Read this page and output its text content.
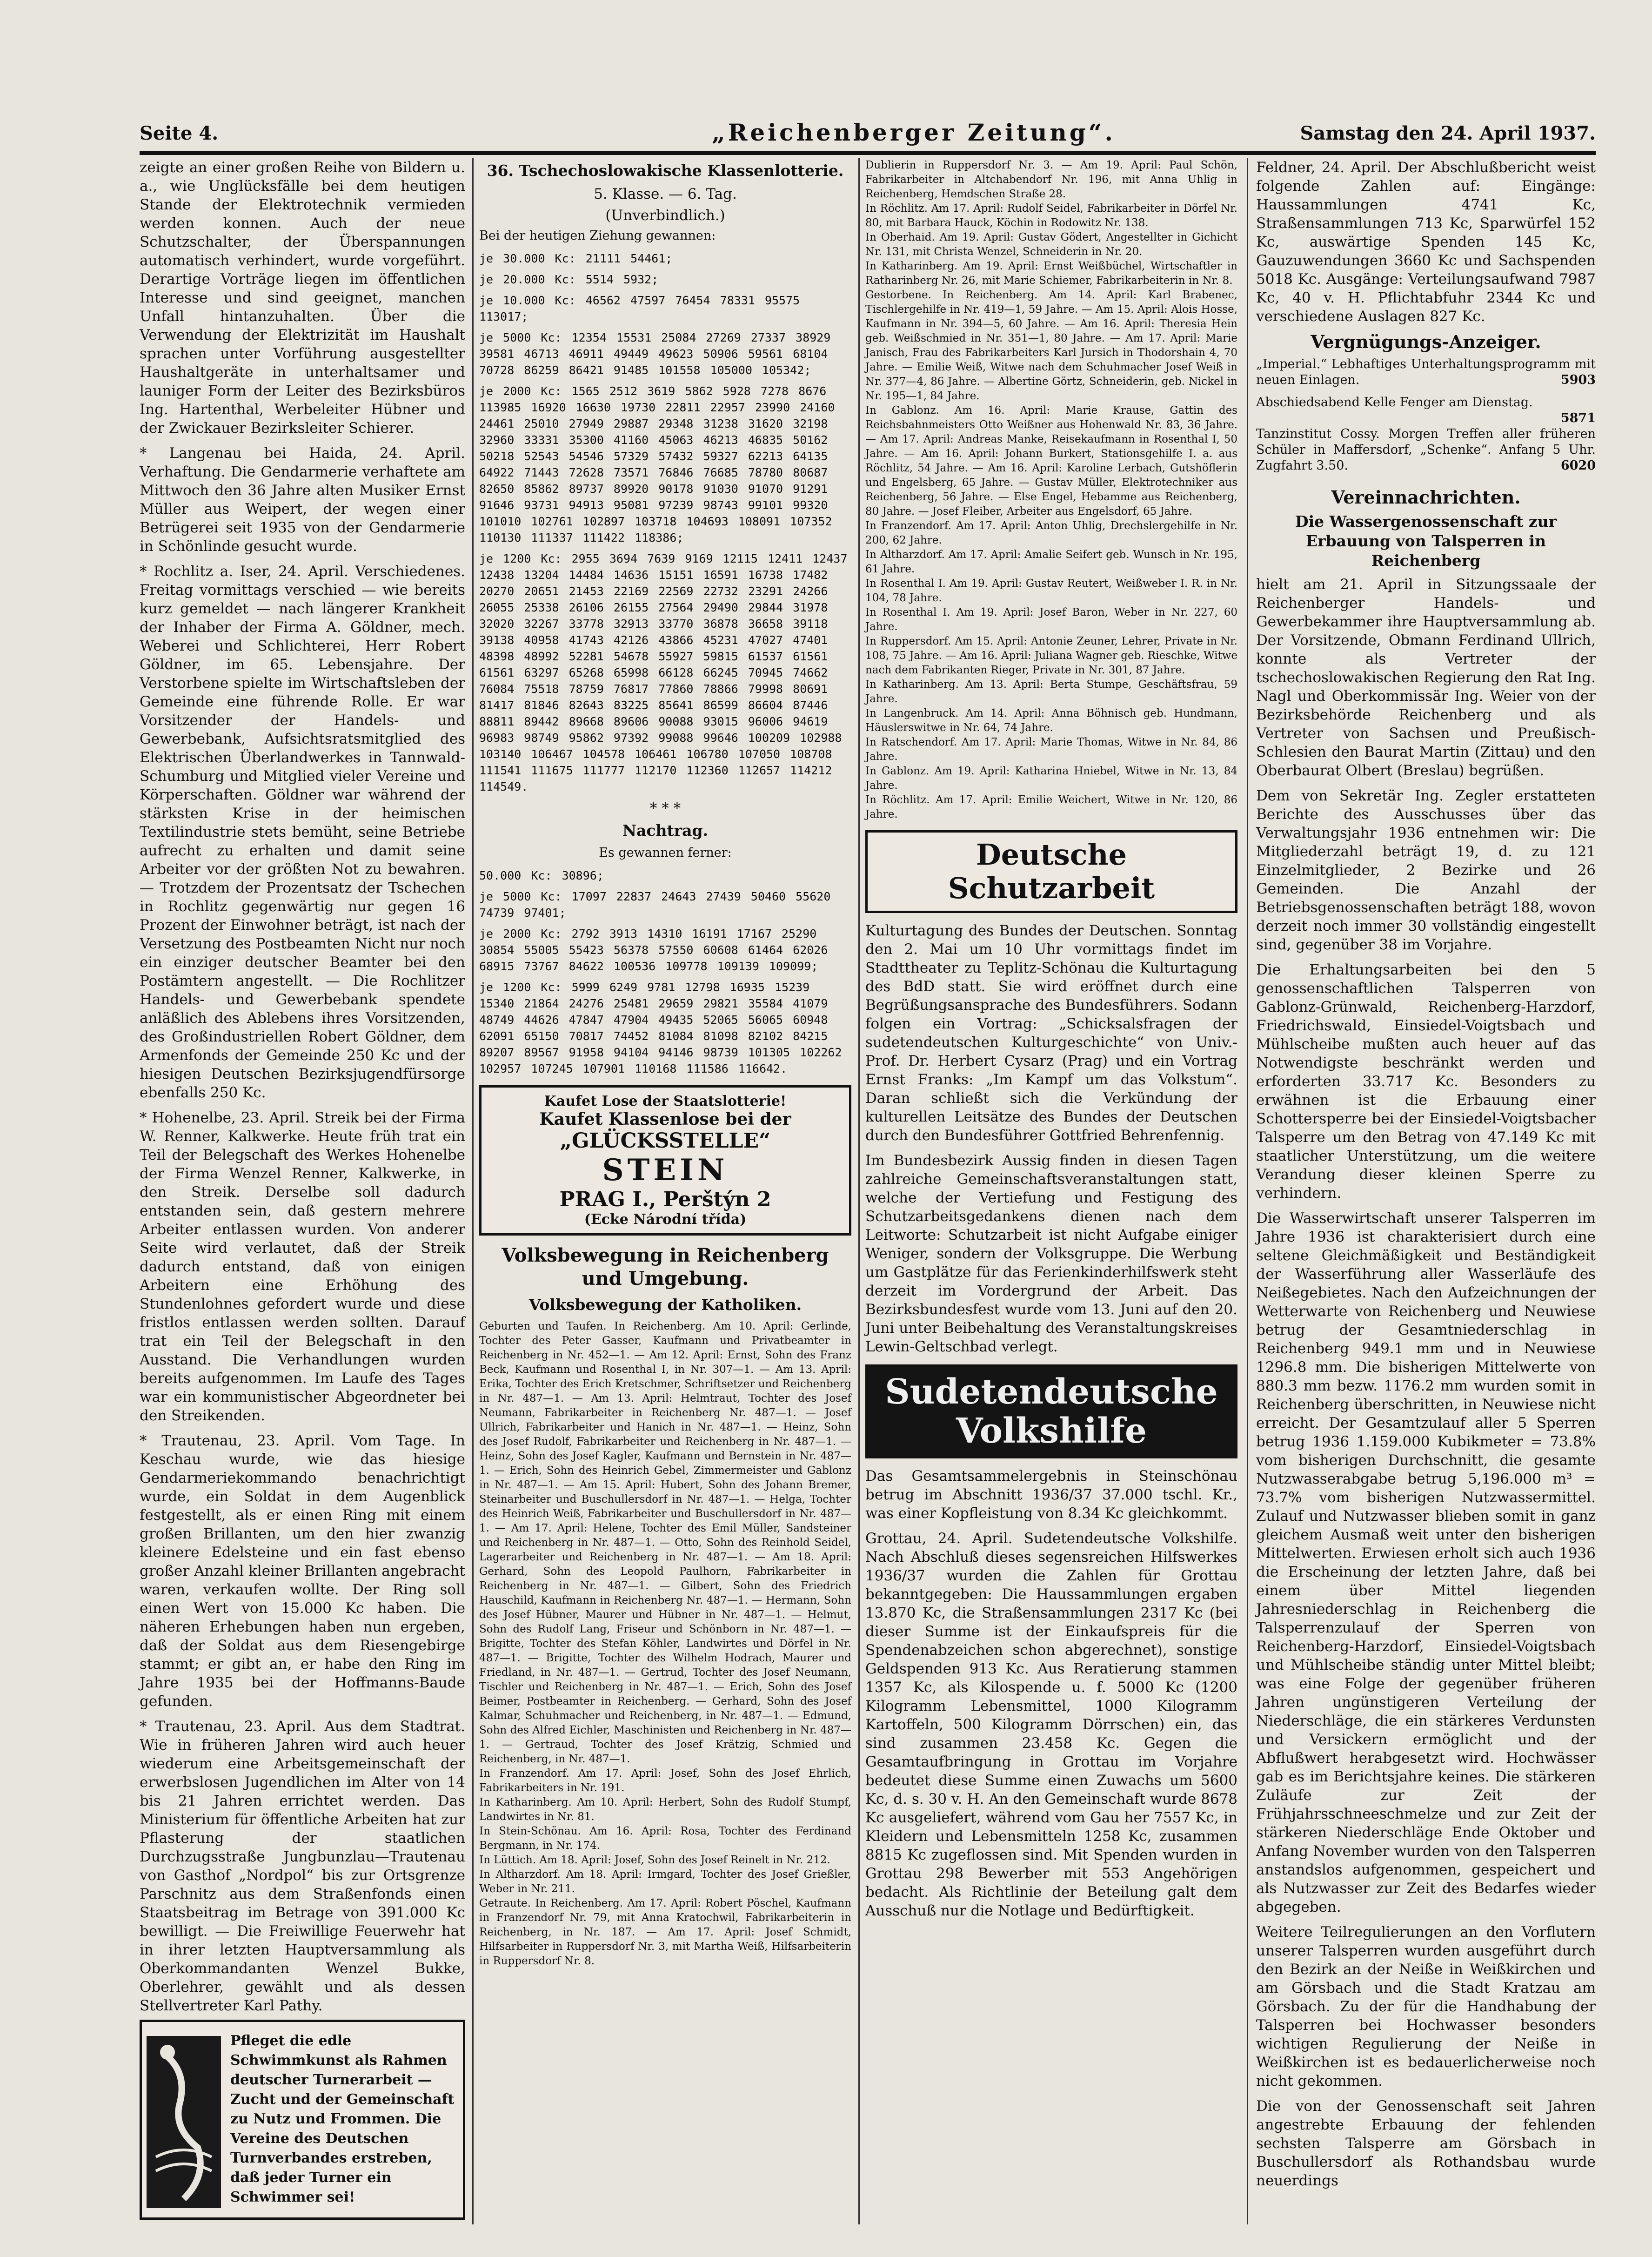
Seite 4.	„Reichenberger Zeitung“.	Samstag den 24. April 1937.

zeigte an einer großen Reihe von Bildern u. a., wie Unglücksfälle bei dem heutigen Stande der Elektrotechnik vermieden werden konnen. Auch der neue Schutzschalter, der Überspannungen automatisch verhindert, wurde vorgeführt. Derartige Vorträge liegen im öffentlichen Interesse und sind geeignet, manchen Unfall hintanzuhalten. Über die Verwendung der Elektrizität im Haushalt sprachen unter Vorführung ausgestellter Haushaltgeräte in unterhaltsamer und launiger Form der Leiter des Bezirksbüros Ing. Hartenthal, Werbeleiter Hübner und der Zwickauer Bezirksleiter Schierer.

* Langenau bei Haida, 24. April. Verhaftung. Die Gendarmerie verhaftete am Mittwoch den 36 Jahre alten Musiker Ernst Müller aus Weipert, der wegen einer Betrügerei seit 1935 von der Gendarmerie in Schönlinde gesucht wurde.

* Rochlitz a. Iser, 24. April. Verschiedenes. Freitag vormittags verschied — wie bereits kurz gemeldet — nach längerer Krankheit der Inhaber der Firma A. Göldner, mech. Weberei und Schlichterei, Herr Robert Göldner, im 65. Lebensjahre. Der Verstorbene spielte im Wirtschaftsleben der Gemeinde eine führende Rolle. Er war Vorsitzender der Handels- und Gewerbebank, Aufsichtsratsmitglied des Elektrischen Überlandwerkes in Tannwald-Schumburg und Mitglied vieler Vereine und Körperschaften. Göldner war während der stärksten Krise in der heimischen Textilindustrie stets bemüht, seine Betriebe aufrecht zu erhalten und damit seine Arbeiter vor der größten Not zu bewahren. — Trotzdem der Prozentsatz der Tschechen in Rochlitz gegenwärtig nur gegen 16 Prozent der Einwohner beträgt, ist nach der Versetzung des Postbeamten Nicht nur noch ein einziger deutscher Beamter bei den Postämtern angestellt. — Die Rochlitzer Handels- und Gewerbebank spendete anläßlich des Ablebens ihres Vorsitzenden, des Großindustriellen Robert Göldner, dem Armenfonds der Gemeinde 250 Kc und der hiesigen Deutschen Bezirksjugendfürsorge ebenfalls 250 Kc.

* Hohenelbe, 23. April. Streik bei der Firma W. Renner, Kalkwerke. Heute früh trat ein Teil der Belegschaft des Werkes Hohenelbe der Firma Wenzel Renner, Kalkwerke, in den Streik. Derselbe soll dadurch entstanden sein, daß gestern mehrere Arbeiter entlassen wurden. Von anderer Seite wird verlautet, daß der Streik dadurch entstand, daß von einigen Arbeitern eine Erhöhung des Stundenlohnes gefordert wurde und diese fristlos entlassen werden sollten. Darauf trat ein Teil der Belegschaft in den Ausstand. Die Verhandlungen wurden bereits aufgenommen. Im Laufe des Tages war ein kommunistischer Abgeordneter bei den Streikenden.

* Trautenau, 23. April. Vom Tage. In Keschau wurde, wie das hiesige Gendarmeriekommando benachrichtigt wurde, ein Soldat in dem Augenblick festgestellt, als er einen Ring mit einem großen Brillanten, um den hier zwanzig kleinere Edelsteine und ein fast ebenso großer Anzahl kleiner Brillanten angebracht waren, verkaufen wollte. Der Ring soll einen Wert von 15.000 Kc haben. Die näheren Erhebungen haben nun ergeben, daß der Soldat aus dem Riesengebirge stammt; er gibt an, er habe den Ring im Jahre 1935 bei der Hoffmanns-Baude gefunden.

* Trautenau, 23. April. Aus dem Stadtrat. Wie in früheren Jahren wird auch heuer wiederum eine Arbeitsgemeinschaft der erwerbslosen Jugendlichen im Alter von 14 bis 21 Jahren errichtet werden. Das Ministerium für öffentliche Arbeiten hat zur Pflasterung der staatlichen Durchzugsstraße Jungbunzlau—Trautenau von Gasthof „Nordpol“ bis zur Ortsgrenze Parschnitz aus dem Straßenfonds einen Staatsbeitrag im Betrage von 391.000 Kc bewilligt. — Die Freiwillige Feuerwehr hat in ihrer letzten Hauptversammlung als Oberkommandanten Wenzel Bukke, Oberlehrer, gewählt und als dessen Stellvertreter Karl Pathy.

Pfleget die edle Schwimmkunst als Rahmen deutscher Turnerarbeit — Zucht und der Gemeinschaft zu Nutz und Frommen. Die Vereine des Deutschen Turnverbandes erstreben, daß jeder Turner ein Schwimmer sei!
36. Tschechoslowakische Klassenlotterie.
5. Klasse. — 6. Tag.
(Unverbindlich.)

Bei der heutigen Ziehung gewannen:

je 30.000 Kc: 21111 54461;

je 20.000 Kc: 5514 5932;

je 10.000 Kc: 46562 47597 76454 78331 95575 113017;

je 5000 Kc: 12354 15531 25084 27269 27337 38929 39581 46713 46911 49449 49623 50906 59561 68104 70728 86259 86421 91485 101558 105000 105342;

je 2000 Kc: 1565 2512 3619 5862 5928 7278 8676 113985 16920 16630 19730 22811 22957 23990 24160 24461 25010 27949 29887 29348 31238 31620 32198 32960 33331 35300 41160 45063 46213 46835 50162 50218 52543 54546 57329 57432 59327 62213 64135 64922 71443 72628 73571 76846 76685 78780 80687 82650 85862 89737 89920 90178 91030 91070 91291 91646 93731 94913 95081 97239 98743 99101 99320 101010 102761 102897 103718 104693 108091 107352 110130 111337 111422 118386;

je 1200 Kc: 2955 3694 7639 9169 12115 12411 12437 12438 13204 14484 14636 15151 16591 16738 17482 20270 20651 21453 22169 22569 22732 23291 24266 26055 25338 26106 26155 27564 29490 29844 31978 32020 32267 33778 32913 33770 36878 36658 39118 39138 40958 41743 42126 43866 45231 47027 47401 48398 48992 52281 54678 55927 59815 61537 61561 61561 63297 65268 65998 66128 66245 70945 74662 76084 75518 78759 76817 77860 78866 79998 80691 81417 81846 82643 83225 85641 86599 86604 87446 88811 89442 89668 89606 90088 93015 96006 94619 96983 98749 95862 97392 99088 99646 100209 102988 103140 106467 104578 106461 106780 107050 108708 111541 111675 111777 112170 112360 112657 114212 114549.

* * *
Nachtrag.

Es gewannen ferner:

50.000 Kc: 30896;

je 5000 Kc: 17097 22837 24643 27439 50460 55620 74739 97401;

je 2000 Kc: 2792 3913 14310 16191 17167 25290 30854 55005 55423 56378 57550 60608 61464 62026 68915 73767 84622 100536 109778 109139 109099;

je 1200 Kc: 5999 6249 9781 12798 16935 15239 15340 21864 24276 25481 29659 29821 35584 41079 48749 44626 47847 47904 49435 52065 56065 60948 62091 65150 70817 74452 81084 81098 82102 84215 89207 89567 91958 94104 94146 98739 101305 102262 102957 107245 107901 110168 111586 116642.

Kaufet Lose der Staatslotterie!
Kaufet Klassenlose bei der
„GLÜCKSSTELLE“
STEIN
PRAG I., Perštýn 2
(Ecke Národní třída)
Volksbewegung in Reichenberg und Umgebung.
Volksbewegung der Katholiken.

Geburten und Taufen. In Reichenberg. Am 10. April: Gerlinde, Tochter des Peter Gasser, Kaufmann und Privatbeamter in Reichenberg in Nr. 452—1. — Am 12. April: Ernst, Sohn des Franz Beck, Kaufmann und Rosenthal I, in Nr. 307—1. — Am 13. April: Erika, Tochter des Erich Kretschmer, Schriftsetzer und Reichenberg in Nr. 487—1. — Am 13. April: Helmtraut, Tochter des Josef Neumann, Fabrikarbeiter in Reichenberg Nr. 487—1. — Josef Ullrich, Fabrikarbeiter und Hanich in Nr. 487—1. — Heinz, Sohn des Josef Rudolf, Fabrikarbeiter und Reichenberg in Nr. 487—1. — Heinz, Sohn des Josef Kagler, Kaufmann und Bernstein in Nr. 487—1. — Erich, Sohn des Heinrich Gebel, Zimmermeister und Gablonz in Nr. 487—1. — Am 15. April: Hubert, Sohn des Johann Bremer, Steinarbeiter und Buschullersdorf in Nr. 487—1. — Helga, Tochter des Heinrich Weiß, Fabrikarbeiter und Buschullersdorf in Nr. 487—1. — Am 17. April: Helene, Tochter des Emil Müller, Sandsteiner und Reichenberg in Nr. 487—1. — Otto, Sohn des Reinhold Seidel, Lagerarbeiter und Reichenberg in Nr. 487—1. — Am 18. April: Gerhard, Sohn des Leopold Paulhorn, Fabrikarbeiter in Reichenberg in Nr. 487—1. — Gilbert, Sohn des Friedrich Hauschild, Kaufmann in Reichenberg Nr. 487—1. — Hermann, Sohn des Josef Hübner, Maurer und Hübner in Nr. 487—1. — Helmut, Sohn des Rudolf Lang, Friseur und Schönborn in Nr. 487—1. — Brigitte, Tochter des Stefan Köhler, Landwirtes und Dörfel in Nr. 487—1. — Brigitte, Tochter des Wilhelm Hodrach, Maurer und Friedland, in Nr. 487—1. — Gertrud, Tochter des Josef Neumann, Tischler und Reichenberg in Nr. 487—1. — Erich, Sohn des Josef Beimer, Postbeamter in Reichenberg. — Gerhard, Sohn des Josef Kalmar, Schuhmacher und Reichenberg, in Nr. 487—1. — Edmund, Sohn des Alfred Eichler, Maschinisten und Reichenberg in Nr. 487—1. — Gertraud, Tochter des Josef Krätzig, Schmied und Reichenberg, in Nr. 487—1.
In Franzendorf. Am 17. April: Josef, Sohn des Josef Ehrlich, Fabrikarbeiters in Nr. 191.
In Katharinberg. Am 10. April: Herbert, Sohn des Rudolf Stumpf, Landwirtes in Nr. 81.
In Stein-Schönau. Am 16. April: Rosa, Tochter des Ferdinand Bergmann, in Nr. 174.
In Lüttich. Am 18. April: Josef, Sohn des Josef Reinelt in Nr. 212.
In Altharzdorf. Am 18. April: Irmgard, Tochter des Josef Grießler, Weber in Nr. 211.
Getraute. In Reichenberg. Am 17. April: Robert Pöschel, Kaufmann in Franzendorf Nr. 79, mit Anna Kratochwil, Fabrikarbeiterin in Reichenberg, in Nr. 187. — Am 17. April: Josef Schmidt, Hilfsarbeiter in Ruppersdorf Nr. 3, mit Martha Weiß, Hilfsarbeiterin in Ruppersdorf Nr. 8.

Dublierin in Ruppersdorf Nr. 3. — Am 19. April: Paul Schön, Fabrikarbeiter in Altchabendorf Nr. 196, mit Anna Uhlig in Reichenberg, Hemdschen Straße 28.
In Röchlitz. Am 17. April: Rudolf Seidel, Fabrikarbeiter in Dörfel Nr. 80, mit Barbara Hauck, Köchin in Rodowitz Nr. 138.
In Oberhaid. Am 19. April: Gustav Gödert, Angestellter in Gichicht Nr. 131, mit Christa Wenzel, Schneiderin in Nr. 20.
In Katharinberg. Am 19. April: Ernst Weißbüchel, Wirtschaftler in Ratharinberg Nr. 26, mit Marie Schiemer, Fabrikarbeiterin in Nr. 8.
Gestorbene. In Reichenberg. Am 14. April: Karl Brabenec, Tischlergehilfe in Nr. 419—1, 59 Jahre. — Am 15. April: Alois Hosse, Kaufmann in Nr. 394—5, 60 Jahre. — Am 16. April: Theresia Hein geb. Weißschmied in Nr. 351—1, 80 Jahre. — Am 17. April: Marie Janisch, Frau des Fabrikarbeiters Karl Jursich in Thodorshain 4, 70 Jahre. — Emilie Weiß, Witwe nach dem Schuhmacher Josef Weiß in Nr. 377—4, 86 Jahre. — Albertine Görtz, Schneiderin, geb. Nickel in Nr. 195—1, 84 Jahre.
In Gablonz. Am 16. April: Marie Krause, Gattin des Reichsbahnmeisters Otto Weißner aus Hohenwald Nr. 83, 36 Jahre. — Am 17. April: Andreas Manke, Reisekaufmann in Rosenthal I, 50 Jahre. — Am 16. April: Johann Burkert, Stationsgehilfe I. a. aus Röchlitz, 54 Jahre. — Am 16. April: Karoline Lerbach, Gutshöflerin und Engelsberg, 65 Jahre. — Gustav Müller, Elektrotechniker aus Reichenberg, 56 Jahre. — Else Engel, Hebamme aus Reichenberg, 80 Jahre. — Josef Fleiber, Arbeiter aus Engelsdorf, 65 Jahre.
In Franzendorf. Am 17. April: Anton Uhlig, Drechslergehilfe in Nr. 200, 62 Jahre.
In Altharzdorf. Am 17. April: Amalie Seifert geb. Wunsch in Nr. 195, 61 Jahre.
In Rosenthal I. Am 19. April: Gustav Reutert, Weißweber I. R. in Nr. 104, 78 Jahre.
In Rosenthal I. Am 19. April: Josef Baron, Weber in Nr. 227, 60 Jahre.
In Ruppersdorf. Am 15. April: Antonie Zeuner, Lehrer, Private in Nr. 108, 75 Jahre. — Am 16. April: Juliana Wagner geb. Rieschke, Witwe nach dem Fabrikanten Rieger, Private in Nr. 301, 87 Jahre.
In Katharinberg. Am 13. April: Berta Stumpe, Geschäftsfrau, 59 Jahre.
In Langenbruck. Am 14. April: Anna Böhnisch geb. Hundmann, Häuslerswitwe in Nr. 64, 74 Jahre.
In Ratschendorf. Am 17. April: Marie Thomas, Witwe in Nr. 84, 86 Jahre.
In Gablonz. Am 19. April: Katharina Hniebel, Witwe in Nr. 13, 84 Jahre.
In Röchlitz. Am 17. April: Emilie Weichert, Witwe in Nr. 120, 86 Jahre.

Deutsche Schutzarbeit

Kulturtagung des Bundes der Deutschen. Sonntag den 2. Mai um 10 Uhr vormittags findet im Stadttheater zu Teplitz-Schönau die Kulturtagung des BdD statt. Sie wird eröffnet durch eine Begrüßungsansprache des Bundesführers. Sodann folgen ein Vortrag: „Schicksalsfragen der sudetendeutschen Kulturgeschichte“ von Univ.-Prof. Dr. Herbert Cysarz (Prag) und ein Vortrag Ernst Franks: „Im Kampf um das Volkstum“. Daran schließt sich die Verkündung der kulturellen Leitsätze des Bundes der Deutschen durch den Bundesführer Gottfried Behrenfennig.

Im Bundesbezirk Aussig finden in diesen Tagen zahlreiche Gemeinschaftsveranstaltungen statt, welche der Vertiefung und Festigung des Schutzarbeitsgedankens dienen nach dem Leitworte: Schutzarbeit ist nicht Aufgabe einiger Weniger, sondern der Volksgruppe. Die Werbung um Gastplätze für das Ferienkinderhilfswerk steht derzeit im Vordergrund der Arbeit. Das Bezirksbundesfest wurde vom 13. Juni auf den 20. Juni unter Beibehaltung des Veranstaltungskreises Lewin-Geltschbad verlegt.

Sudetendeutsche Volkshilfe

Das Gesamtsammelergebnis in Steinschönau betrug im Abschnitt 1936/37 37.000 tschl. Kr., was einer Kopfleistung von 8.34 Kc gleichkommt.

Grottau, 24. April. Sudetendeutsche Volkshilfe. Nach Abschluß dieses segensreichen Hilfswerkes 1936/37 wurden die Zahlen für Grottau bekanntgegeben: Die Haussammlungen ergaben 13.870 Kc, die Straßensammlungen 2317 Kc (bei dieser Summe ist der Einkaufspreis für die Spendenabzeichen schon abgerechnet), sonstige Geldspenden 913 Kc. Aus Reratierung stammen 1357 Kc, als Kilospende u. f. 5000 Kc (1200 Kilogramm Lebensmittel, 1000 Kilogramm Kartoffeln, 500 Kilogramm Dörrschen) ein, das sind zusammen 23.458 Kc. Gegen die Gesamtaufbringung in Grottau im Vorjahre bedeutet diese Summe einen Zuwachs um 5600 Kc, d. s. 30 v. H. An den Gemeinschaft wurde 8678 Kc ausgeliefert, während vom Gau her 7557 Kc, in Kleidern und Lebensmitteln 1258 Kc, zusammen 8815 Kc zugeflossen sind. Mit Spenden wurden in Grottau 298 Bewerber mit 553 Angehörigen bedacht. Als Richtlinie der Beteilung galt dem Ausschuß nur die Notlage und Bedürftigkeit.

Feldner, 24. April. Der Abschlußbericht weist folgende Zahlen auf: Eingänge: Haussammlungen 4741 Kc, Straßensammlungen 713 Kc, Sparwürfel 152 Kc, auswärtige Spenden 145 Kc, Gauzuwendungen 3660 Kc und Sachspenden 5018 Kc. Ausgänge: Verteilungsaufwand 7987 Kc, 40 v. H. Pflichtabfuhr 2344 Kc und verschiedene Auslagen 827 Kc.

Vergnügungs-Anzeiger.

„Imperial.“ Lebhaftiges Unterhaltungsprogramm mit neuen Einlagen.	5903

Abschiedsabend Kelle Fenger am Dienstag.

5871

Tanzinstitut Cossy. Morgen Treffen aller früheren Schüler in Maffersdorf, „Schenke“. Anfang 5 Uhr. Zugfahrt 3.50.	6020

Vereinnachrichten.
Die Wassergenossenschaft zur Erbauung von Talsperren in Reichenberg

hielt am 21. April in Sitzungssaale der Reichenberger Handels- und Gewerbekammer ihre Hauptversammlung ab. Der Vorsitzende, Obmann Ferdinand Ullrich, konnte als Vertreter der tschechoslowakischen Regierung den Rat Ing. Nagl und Oberkommissär Ing. Weier von der Bezirksbehörde Reichenberg und als Vertreter von Sachsen und Preußisch-Schlesien den Baurat Martin (Zittau) und den Oberbaurat Olbert (Breslau) begrüßen.

Dem von Sekretär Ing. Zegler erstatteten Berichte des Ausschusses über das Verwaltungsjahr 1936 entnehmen wir: Die Mitgliederzahl beträgt 19, d. zu 121 Einzelmitglieder, 2 Bezirke und 26 Gemeinden. Die Anzahl der Betriebsgenossenschaften beträgt 188, wovon derzeit noch immer 30 vollständig eingestellt sind, gegenüber 38 im Vorjahre.

Die Erhaltungsarbeiten bei den 5 genossenschaftlichen Talsperren von Gablonz-Grünwald, Reichenberg-Harzdorf, Friedrichswald, Einsiedel-Voigtsbach und Mühlscheibe mußten auch heuer auf das Notwendigste beschränkt werden und erforderten 33.717 Kc. Besonders zu erwähnen ist die Erbauung einer Schottersperre bei der Einsiedel-Voigtsbacher Talsperre um den Betrag von 47.149 Kc mit staatlicher Unterstützung, um die weitere Verandung dieser kleinen Sperre zu verhindern.

Die Wasserwirtschaft unserer Talsperren im Jahre 1936 ist charakterisiert durch eine seltene Gleichmäßigkeit und Beständigkeit der Wasserführung aller Wasserläufe des Neißegebietes. Nach den Aufzeichnungen der Wetterwarte von Reichenberg und Neuwiese betrug der Gesamtniederschlag in Reichenberg 949.1 mm und in Neuwiese 1296.8 mm. Die bisherigen Mittelwerte von 880.3 mm bezw. 1176.2 mm wurden somit in Reichenberg überschritten, in Neuwiese nicht erreicht. Der Gesamtzulauf aller 5 Sperren betrug 1936 1.159.000 Kubikmeter = 73.8% vom bisherigen Durchschnitt, die gesamte Nutzwasserabgabe betrug 5,196.000 m³ = 73.7% vom bisherigen Nutzwassermittel. Zulauf und Nutzwasser blieben somit in ganz gleichem Ausmaß weit unter den bisherigen Mittelwerten. Erwiesen erholt sich auch 1936 die Erscheinung der letzten Jahre, daß bei einem über Mittel liegenden Jahresniederschlag in Reichenberg die Talsperrenzulauf der Sperren von Reichenberg-Harzdorf, Einsiedel-Voigtsbach und Mühlscheibe ständig unter Mittel bleibt; was eine Folge der gegenüber früheren Jahren ungünstigeren Verteilung der Niederschläge, die ein stärkeres Verdunsten und Versickern ermöglicht und der Abflußwert herabgesetzt wird. Hochwässer gab es im Berichtsjahre keines. Die stärkeren Zuläufe zur Zeit der Frühjahrsschneeschmelze und zur Zeit der stärkeren Niederschläge Ende Oktober und Anfang November wurden von den Talsperren anstandslos aufgenommen, gespeichert und als Nutzwasser zur Zeit des Bedarfes wieder abgegeben.

Weitere Teilregulierungen an den Vorflutern unserer Talsperren wurden ausgeführt durch den Bezirk an der Neiße in Weißkirchen und am Görsbach und die Stadt Kratzau am Görsbach. Zu der für die Handhabung der Talsperren bei Hochwasser besonders wichtigen Regulierung der Neiße in Weißkirchen ist es bedauerlicherweise noch nicht gekommen.

Die von der Genossenschaft seit Jahren angestrebte Erbauung der fehlenden sechsten Talsperre am Görsbach in Buschullersdorf als Rothandsbau wurde neuerdings
